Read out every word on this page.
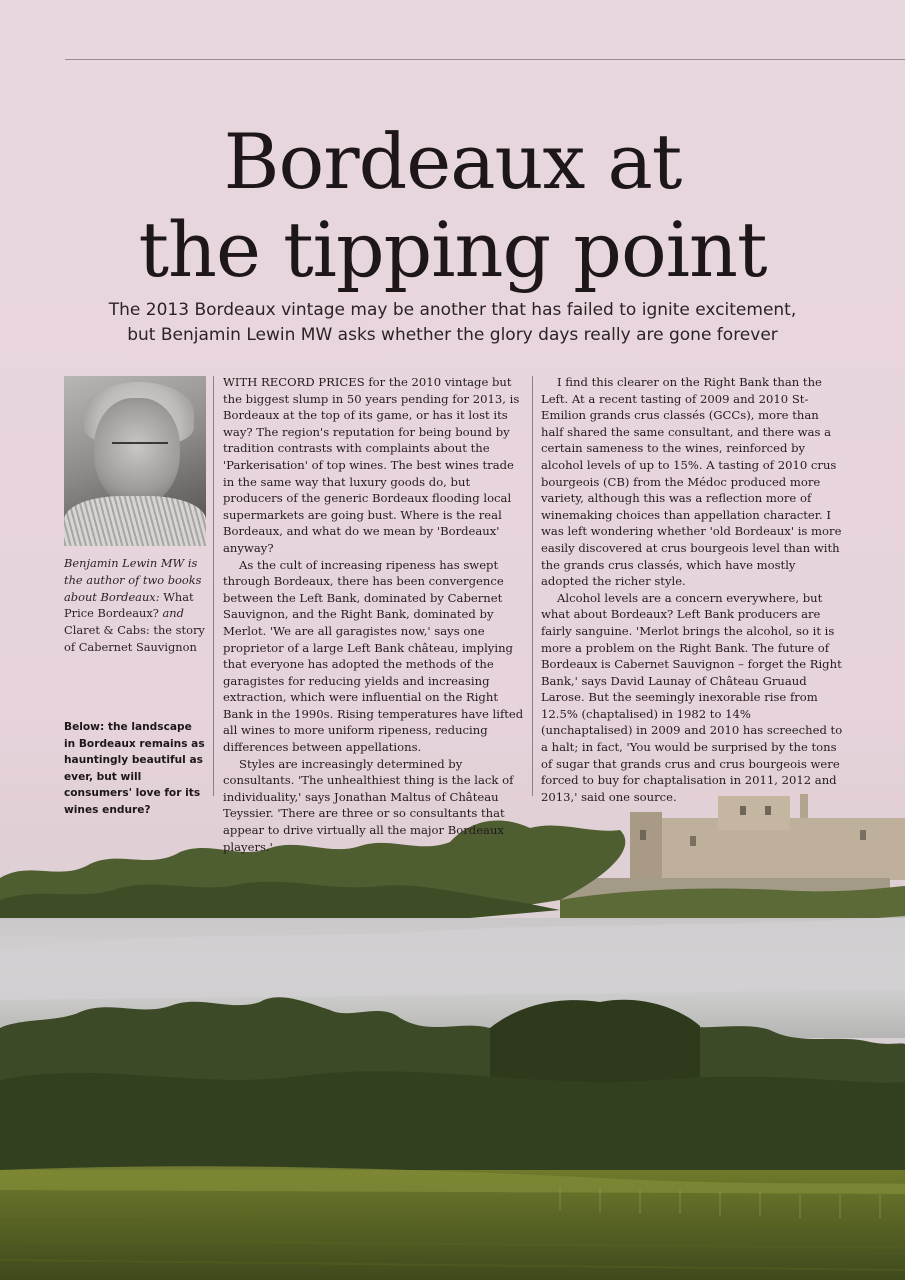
Bordeaux at
the tipping point
The 2013 Bordeaux vintage may be another that has failed to ignite excitement,
but Benjamin Lewin MW asks whether the glory days really are gone forever
Benjamin Lewin MW is the author of two books about Bordeaux: What Price Bordeaux? and Claret & Cabs: the story of Cabernet Sauvignon
Below: the landscape in Bordeaux remains as hauntingly beautiful as ever, but will consumers' love for its wines endure?

WITH RECORD PRICES for the 2010 vintage but the biggest slump in 50 years pending for 2013, is Bordeaux at the top of its game, or has it lost its way? The region's reputation for being bound by tradition contrasts with complaints about the 'Parkerisation' of top wines. The best wines trade in the same way that luxury goods do, but producers of the generic Bordeaux flooding local supermarkets are going bust. Where is the real Bordeaux, and what do we mean by 'Bordeaux' anyway?

As the cult of increasing ripeness has swept through Bordeaux, there has been convergence between the Left Bank, dominated by Cabernet Sauvignon, and the Right Bank, dominated by Merlot. 'We are all garagistes now,' says one proprietor of a large Left Bank château, implying that everyone has adopted the methods of the garagistes for reducing yields and increasing extraction, which were influential on the Right Bank in the 1990s. Rising temperatures have lifted all wines to more uniform ripeness, reducing differences between appellations.

Styles are increasingly determined by consultants. 'The unhealthiest thing is the lack of individuality,' says Jonathan Maltus of Château Teyssier. 'There are three or so consultants that appear to drive virtually all the major Bordeaux players.'

I find this clearer on the Right Bank than the Left. At a recent tasting of 2009 and 2010 St-Emilion grands crus classés (GCCs), more than half shared the same consultant, and there was a certain sameness to the wines, reinforced by alcohol levels of up to 15%. A tasting of 2010 crus bourgeois (CB) from the Médoc produced more variety, although this was a reflection more of winemaking choices than appellation character. I was left wondering whether 'old Bordeaux' is more easily discovered at crus bourgeois level than with the grands crus classés, which have mostly adopted the richer style.

Alcohol levels are a concern everywhere, but what about Bordeaux? Left Bank producers are fairly sanguine. 'Merlot brings the alcohol, so it is more a problem on the Right Bank. The future of Bordeaux is Cabernet Sauvignon – forget the Right Bank,' says David Launay of Château Gruaud Larose. But the seemingly inexorable rise from 12.5% (chaptalised) in 1982 to 14% (unchaptalised) in 2009 and 2010 has screeched to a halt; in fact, 'You would be surprised by the tons of sugar that grands crus and crus bourgeois were forced to buy for chaptalisation in 2011, 2012 and 2013,' said one source.
